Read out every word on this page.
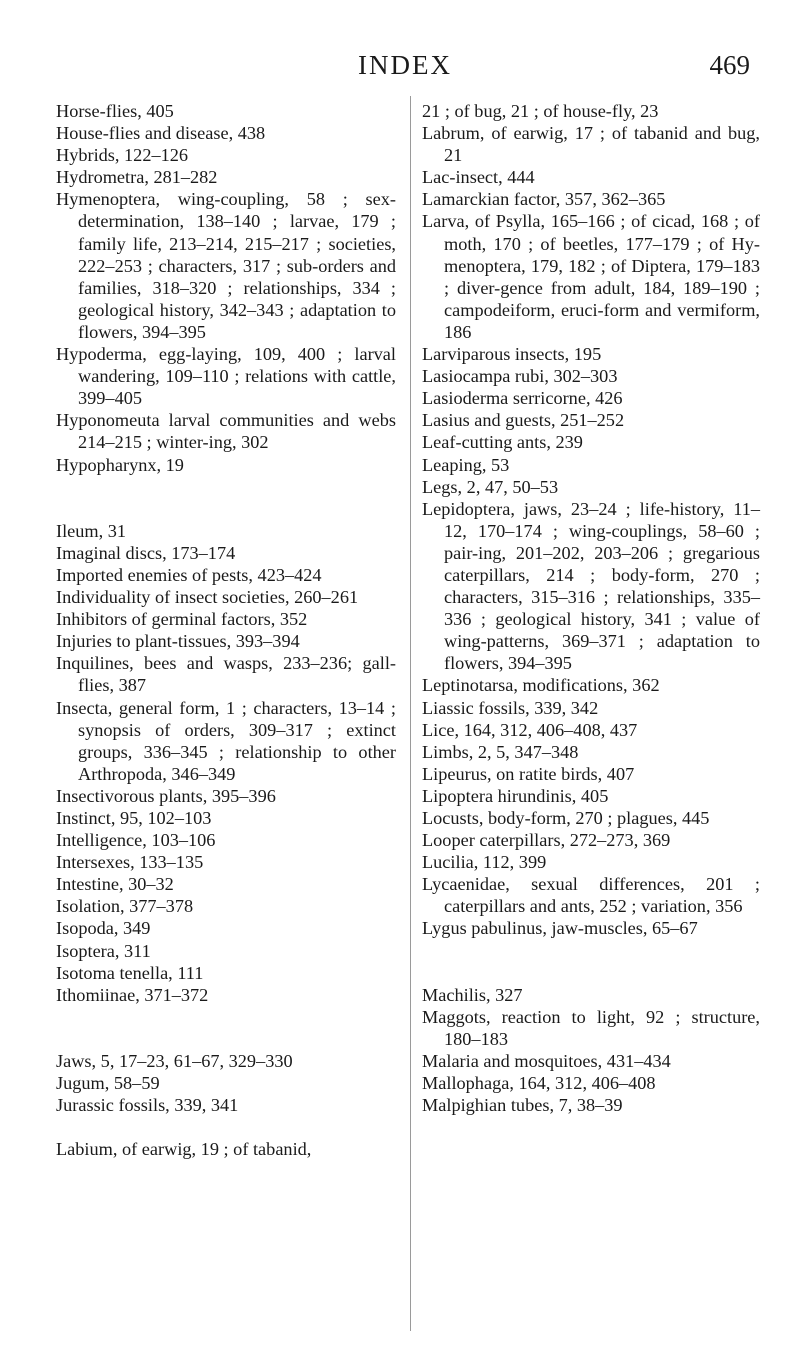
INDEX	469
Horse-flies, 405
House-flies and disease, 438
Hybrids, 122–126
Hydrometra, 281–282
Hymenoptera, wing-coupling, 58 ; sex-determination, 138–140 ; larvae, 179 ; family life, 213–214, 215–217 ; societies, 222–253 ; characters, 317 ; sub-orders and families, 318–320 ; relationships, 334 ; geological history, 342–343 ; adaptation to flowers, 394–395
Hypoderma, egg-laying, 109, 400 ; larval wandering, 109–110 ; relations with cattle, 399–405
Hyponomeuta larval communities and webs 214–215 ; winter-ing, 302
Hypopharynx, 19
Ileum, 31
Imaginal discs, 173–174
Imported enemies of pests, 423–424
Individuality of insect societies, 260–261
Inhibitors of germinal factors, 352
Injuries to plant-tissues, 393–394
Inquilines, bees and wasps, 233–236; gall-flies, 387
Insecta, general form, 1 ; characters, 13–14 ; synopsis of orders, 309–317 ; extinct groups, 336–345 ; relationship to other Arthropoda, 346–349
Insectivorous plants, 395–396
Instinct, 95, 102–103
Intelligence, 103–106
Intersexes, 133–135
Intestine, 30–32
Isolation, 377–378
Isopoda, 349
Isoptera, 311
Isotoma tenella, 111
Ithomiinae, 371–372
Jaws, 5, 17–23, 61–67, 329–330
Jugum, 58–59
Jurassic fossils, 339, 341
Labium, of earwig, 19 ; of tabanid,
21 ; of bug, 21 ; of house-fly, 23
Labrum, of earwig, 17 ; of tabanid and bug, 21
Lac-insect, 444
Lamarckian factor, 357, 362–365
Larva, of Psylla, 165–166 ; of cicad, 168 ; of moth, 170 ; of beetles, 177–179 ; of Hy-menoptera, 179, 182 ; of Diptera, 179–183 ; diver-gence from adult, 184, 189–190 ; campodeiform, eruci-form and vermiform, 186
Larviparous insects, 195
Lasiocampa rubi, 302–303
Lasioderma serricorne, 426
Lasius and guests, 251–252
Leaf-cutting ants, 239
Leaping, 53
Legs, 2, 47, 50–53
Lepidoptera, jaws, 23–24 ; life-history, 11–12, 170–174 ; wing-couplings, 58–60 ; pair-ing, 201–202, 203–206 ; gregarious caterpillars, 214 ; body-form, 270 ; characters, 315–316 ; relationships, 335–336 ; geological history, 341 ; value of wing-patterns, 369–371 ; adaptation to flowers, 394–395
Leptinotarsa, modifications, 362
Liassic fossils, 339, 342
Lice, 164, 312, 406–408, 437
Limbs, 2, 5, 347–348
Lipeurus, on ratite birds, 407
Lipoptera hirundinis, 405
Locusts, body-form, 270 ; plagues, 445
Looper caterpillars, 272–273, 369
Lucilia, 112, 399
Lycaenidae, sexual differences, 201 ; caterpillars and ants, 252 ; variation, 356
Lygus pabulinus, jaw-muscles, 65–67
Machilis, 327
Maggots, reaction to light, 92 ; structure, 180–183
Malaria and mosquitoes, 431–434
Mallophaga, 164, 312, 406–408
Malpighian tubes, 7, 38–39
